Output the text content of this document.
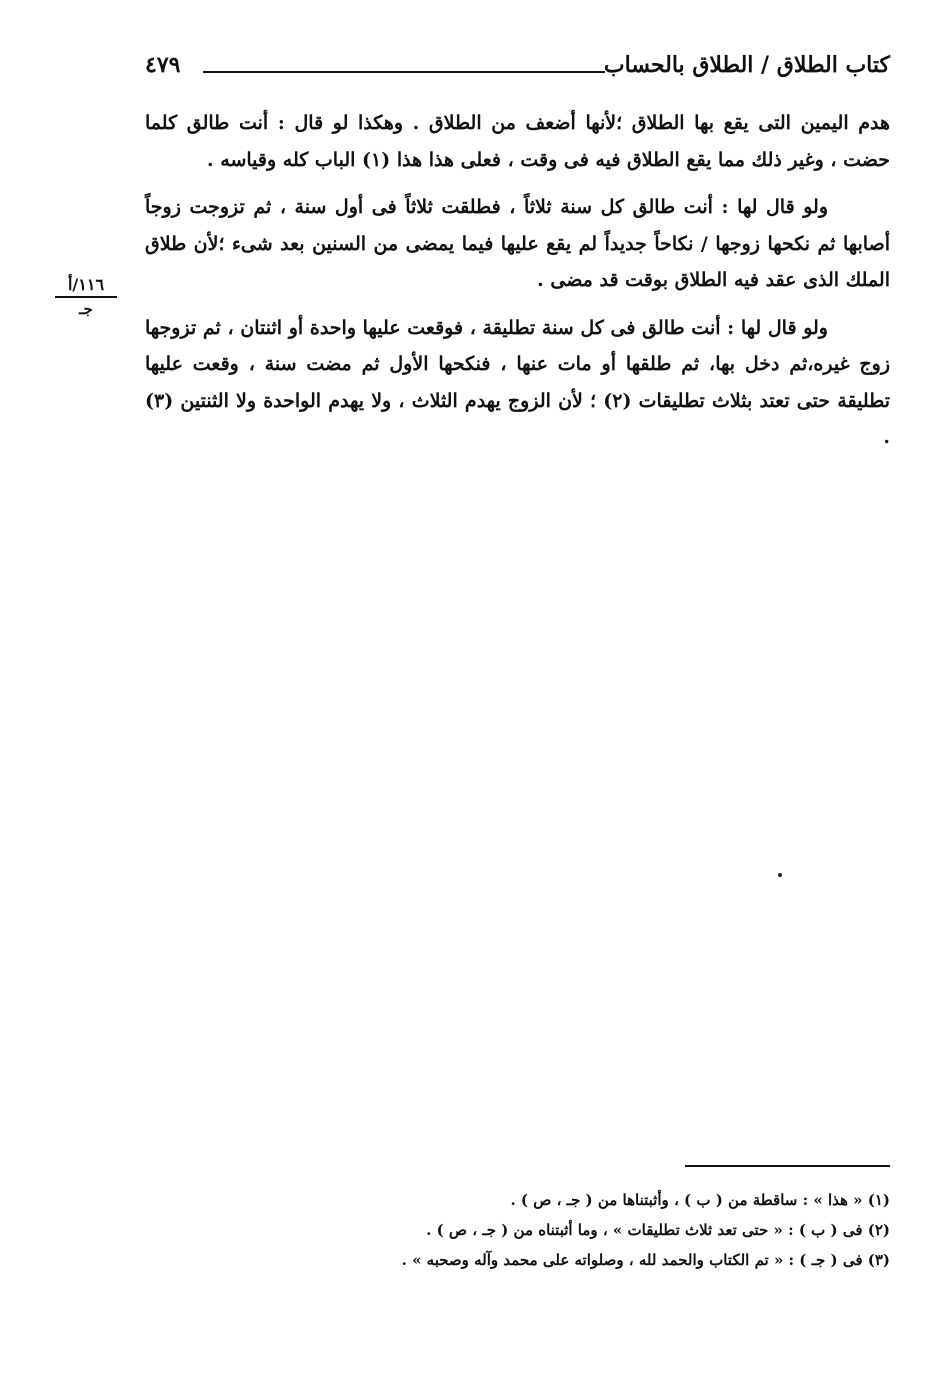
كتاب الطلاق / الطلاق بالحساب
٤٧٩

هدم اليمين التى يقع بها الطلاق ؛لأنها أضعف من الطلاق . وهكذا لو قال : أنت طالق كلما حضت ، وغير ذلك مما يقع الطلاق فيه فى وقت ، فعلى هذا هذا (١) الباب كله وقياسه .

ولو قال لها : أنت طالق كل سنة ثلاثاً ، فطلقت ثلاثاً فى أول سنة ، ثم تزوجت زوجاً أصابها ثم نكحها زوجها / نكاحاً جديداً لم يقع عليها فيما يمضى من السنين بعد شىء ؛لأن طلاق الملك الذى عقد فيه الطلاق بوقت قد مضى .

ولو قال لها : أنت طالق فى كل سنة تطليقة ، فوقعت عليها واحدة أو اثنتان ، ثم تزوجها زوج غيره،ثم دخل بها، ثم طلقها أو مات عنها ، فنكحها الأول ثم مضت سنة ، وقعت عليها تطليقة حتى تعتد بثلاث تطليقات (٢) ؛ لأن الزوج يهدم الثلاث ، ولا يهدم الواحدة ولا الثنتين (٣) .

١١٦/أ
جـ
(١) « هذا » : ساقطة من ( ب ) ، وأثبتناها من ( جـ ، ص ) .
(٢) فى ( ب ) : « حتى تعد ثلاث تطليقات » ، وما أثبتناه من ( جـ ، ص ) .
(٣) فى ( جـ ) : « تم الكتاب والحمد لله ، وصلواته على محمد وآله وصحبه » .
